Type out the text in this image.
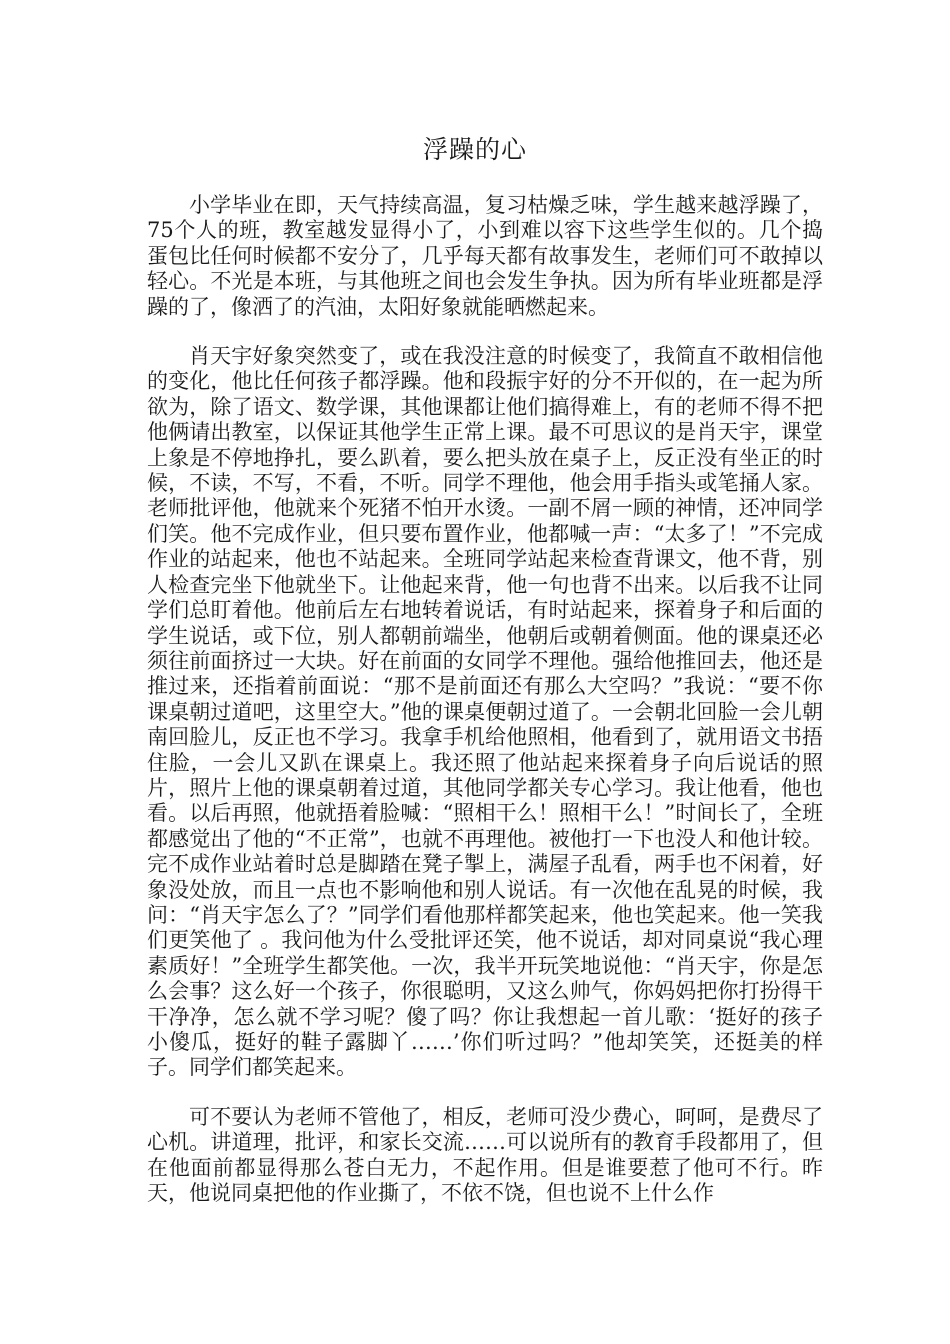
浮躁的心

小学毕业在即，天气持续高温，复习枯燥乏味，学生越来越浮躁了，75个人的班，教室越发显得小了，小到难以容下这些学生似的。几个捣蛋包比任何时候都不安分了，几乎每天都有故事发生，老师们可不敢掉以轻心。不光是本班，与其他班之间也会发生争执。因为所有毕业班都是浮躁的了，像洒了的汽油，太阳好象就能晒燃起来。

肖天宇好象突然变了，或在我没注意的时候变了，我简直不敢相信他的变化，他比任何孩子都浮躁。他和段振宇好的分不开似的，在一起为所欲为，除了语文、数学课，其他课都让他们搞得难上，有的老师不得不把他俩请出教室，以保证其他学生正常上课。最不可思议的是肖天宇，课堂上象是不停地挣扎，要么趴着，要么把头放在桌子上，反正没有坐正的时候，不读，不写，不看，不听。同学不理他，他会用手指头或笔捅人家。老师批评他，他就来个死猪不怕开水烫。一副不屑一顾的神情，还冲同学们笑。他不完成作业，但只要布置作业，他都喊一声：“太多了！”不完成作业的站起来，他也不站起来。全班同学站起来检查背课文，他不背，别人检查完坐下他就坐下。让他起来背，他一句也背不出来。以后我不让同学们总盯着他。他前后左右地转着说话，有时站起来，探着身子和后面的学生说话，或下位，别人都朝前端坐，他朝后或朝着侧面。他的课桌还必须往前面挤过一大块。好在前面的女同学不理他。强给他推回去，他还是推过来，还指着前面说：“那不是前面还有那么大空吗？”我说：“要不你课桌朝过道吧，这里空大。”他的课桌便朝过道了。一会朝北回脸一会儿朝南回脸儿，反正也不学习。我拿手机给他照相，他看到了，就用语文书捂住脸，一会儿又趴在课桌上。我还照了他站起来探着身子向后说话的照片，照片上他的课桌朝着过道，其他同学都关专心学习。我让他看，他也看。以后再照，他就捂着脸喊：“照相干么！照相干么！”时间长了，全班都感觉出了他的“不正常”，也就不再理他。被他打一下也没人和他计较。完不成作业站着时总是脚踏在凳子掣上，满屋子乱看，两手也不闲着，好象没处放，而且一点也不影响他和别人说话。有一次他在乱晃的时候，我问：“肖天宇怎么了？”同学们看他那样都笑起来，他也笑起来。他一笑我们更笑他了 。我问他为什么受批评还笑，他不说话，却对同桌说“我心理素质好！”全班学生都笑他。一次，我半开玩笑地说他：“肖天宇，你是怎么会事？这么好一个孩子，你很聪明，又这么帅气，你妈妈把你打扮得干干净净，怎么就不学习呢？傻了吗？你让我想起一首儿歌：‘挺好的孩子小傻瓜，挺好的鞋子露脚丫……’你们听过吗？”他却笑笑，还挺美的样子。同学们都笑起来。

可不要认为老师不管他了，相反，老师可没少费心，呵呵，是费尽了心机。讲道理，批评，和家长交流……可以说所有的教育手段都用了，但在他面前都显得那么苍白无力，不起作用。但是谁要惹了他可不行。昨天，他说同桌把他的作业撕了，不依不饶，但也说不上什么作
